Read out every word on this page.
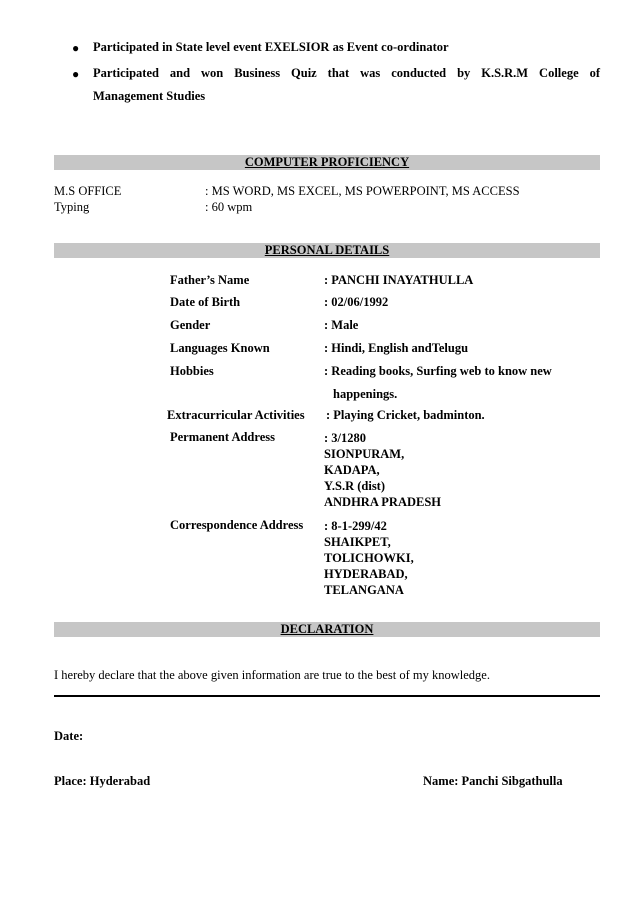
● Participated in State level event EXELSIOR as Event co-ordinator
● Participated and won Business Quiz that was conducted by K.S.R.M College of
Management Studies
COMPUTER PROFICIENCY
M.S OFFICE	: MS WORD, MS EXCEL, MS POWERPOINT, MS ACCESS
Typing	: 60 wpm
PERSONAL DETAILS
Father’s Name	: PANCHI INAYATHULLA
Date of Birth	: 02/06/1992
Gender	: Male
Languages Known	: Hindi, English andTelugu
Hobbies	: Reading books, Surfing web to know new
happenings.
Extracurricular Activities : Playing Cricket, badminton.
Permanent Address	: 3/1280
SIONPURAM,
KADAPA,
Y.S.R (dist)
ANDHRA PRADESH
Correspondence Address : 8-1-299/42
SHAIKPET,
TOLICHOWKI,
HYDERABAD,
TELANGANA
DECLARATION
I hereby declare that the above given information are true to the best of my knowledge.
Date:
Place: Hyderabad	Name: Panchi Sibgathulla
